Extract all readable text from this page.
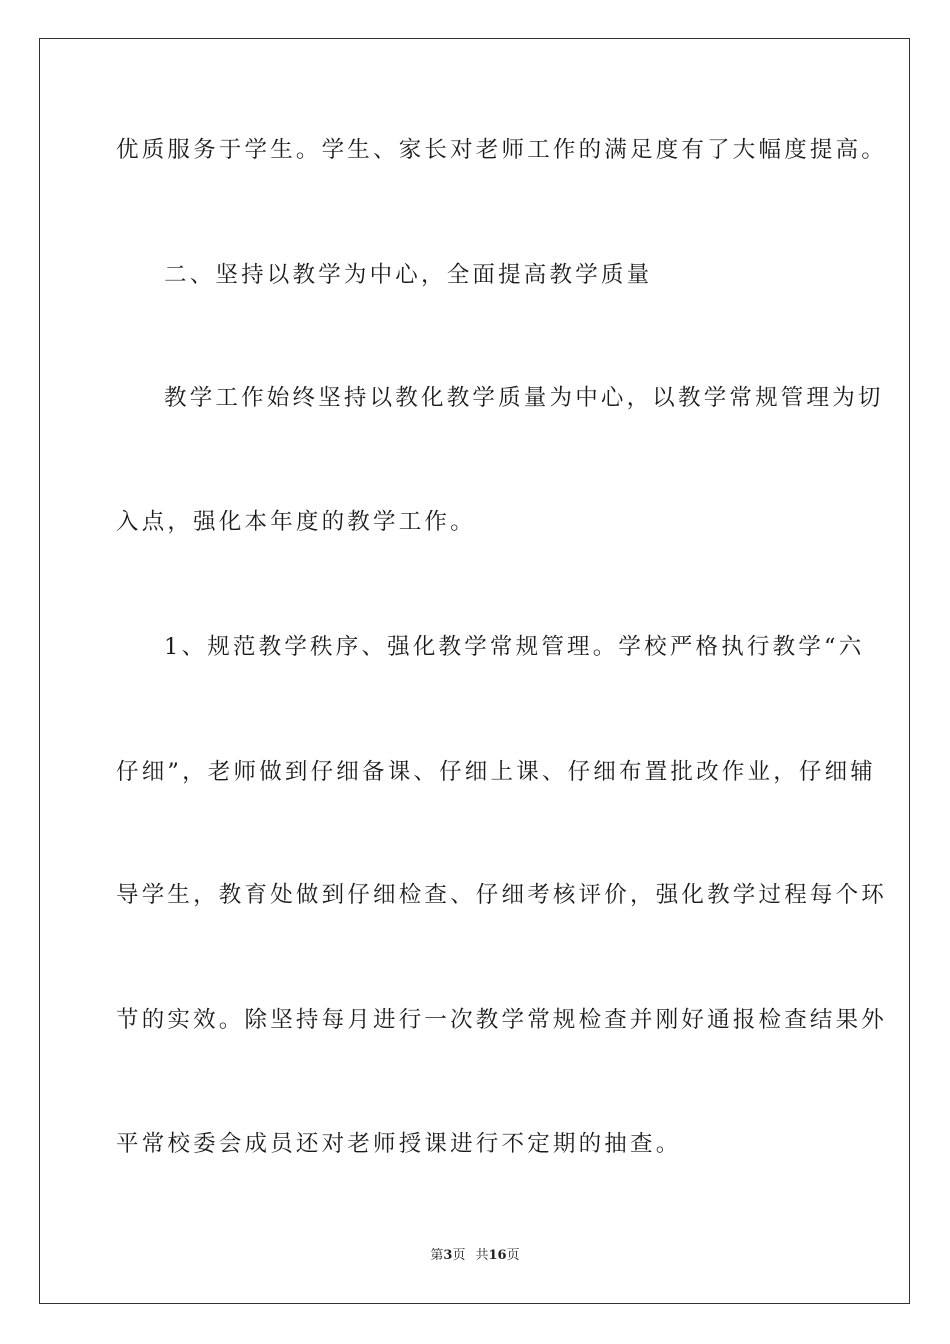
优质服务于学生。学生、家长对老师工作的满足度有了大幅度提高。
二、坚持以教学为中心，全面提高教学质量
教学工作始终坚持以教化教学质量为中心，以教学常规管理为切
入点，强化本年度的教学工作。
1、规范教学秩序、强化教学常规管理。学校严格执行教学“六
仔细”，老师做到仔细备课、仔细上课、仔细布置批改作业，仔细辅
导学生，教育处做到仔细检查、仔细考核评价，强化教学过程每个环
节的实效。除坚持每月进行一次教学常规检查并刚好通报检查结果外
平常校委会成员还对老师授课进行不定期的抽查。
第3页 共16页
